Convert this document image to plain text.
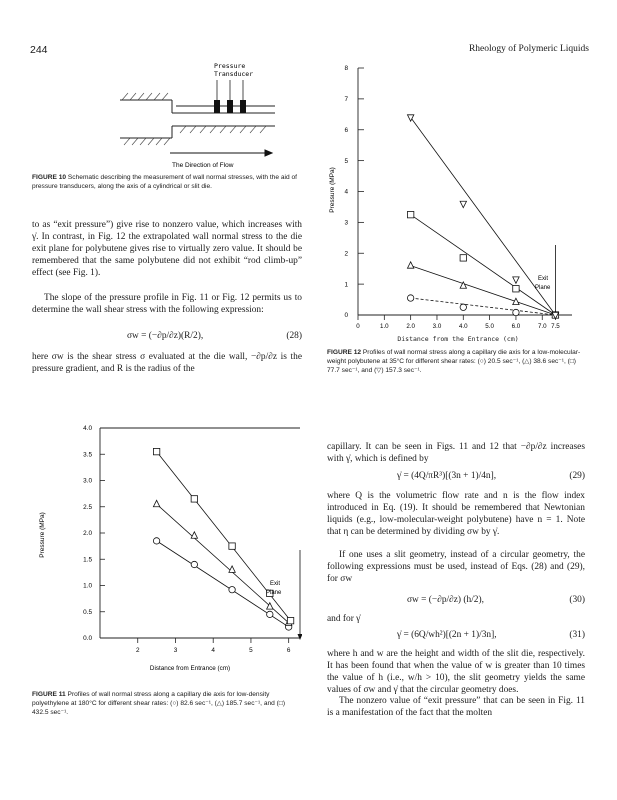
244	Rheology of Polymeric Liquids
Pressure
Transducer
The Direction of Flow
FIGURE 10 Schematic describing the measurement of wall normal stresses, with the aid of pressure transducers, along the axis of a cylindrical or slit die.

to as “exit pressure”) give rise to nonzero value, which increases with γ̇. In contrast, in Fig. 12 the extrapolated wall normal stress to the die exit plane for polybutene gives rise to virtually zero value. It should be remembered that the same polybutene did not exhibit “rod climb-up” effect (see Fig. 1).

The slope of the pressure profile in Fig. 11 or Fig. 12 permits us to determine the wall shear stress with the following expression:

σw = (−∂p/∂z)(R/2),	(28)

here σw is the shear stress σ evaluated at the die wall, −∂p/∂z is the pressure gradient, and R is the radius of the

0.0
0.5
1.0
1.5
2.0
2.5
3.0
3.5
4.0
2	3	4	5	6
Pressure (MPa)
Distance from Entrance (cm)
Exit
Plane
FIGURE 11 Profiles of wall normal stress along a capillary die axis for low-density polyethylene at 180°C for different shear rates: (○) 82.6 sec⁻¹, (△) 185.7 sec⁻¹, and (□) 432.5 sec⁻¹.
0
1
2
3
4
5
6
7
8
0	1.0	2.0	3.0	4.0	5.0	6.0	7.0 7.5
Pressure (MPa)
Exit
Plane
Distance from the Entrance (cm)
FIGURE 12 Profiles of wall normal stress along a capillary die axis for a low-molecular-weight polybutene at 35°C for different shear rates: (○) 20.5 sec⁻¹, (△) 38.6 sec⁻¹, (□) 77.7 sec⁻¹, and (▽) 157.3 sec⁻¹.

capillary. It can be seen in Figs. 11 and 12 that −∂p/∂z increases with γ̇, which is defined by

γ̇ = (4Q/πR³)[(3n + 1)/4n],	(29)

where Q is the volumetric flow rate and n is the flow index introduced in Eq. (19). It should be remembered that Newtonian liquids (e.g., low-molecular-weight polybutene) have n = 1. Note that η can be determined by dividing σw by γ̇.

If one uses a slit geometry, instead of a circular geometry, the following expressions must be used, instead of Eqs. (28) and (29), for σw

σw = (−∂p/∂z) (h/2),	(30)

and for γ̇

γ̇ = (6Q/wh²)[(2n + 1)/3n],	(31)

where h and w are the height and width of the slit die, respectively. It has been found that when the value of w is greater than 10 times the value of h (i.e., w/h > 10), the slit geometry yields the same values of σw and γ̇ that the circular geometry does.

The nonzero value of “exit pressure” that can be seen in Fig. 11 is a manifestation of the fact that the molten
